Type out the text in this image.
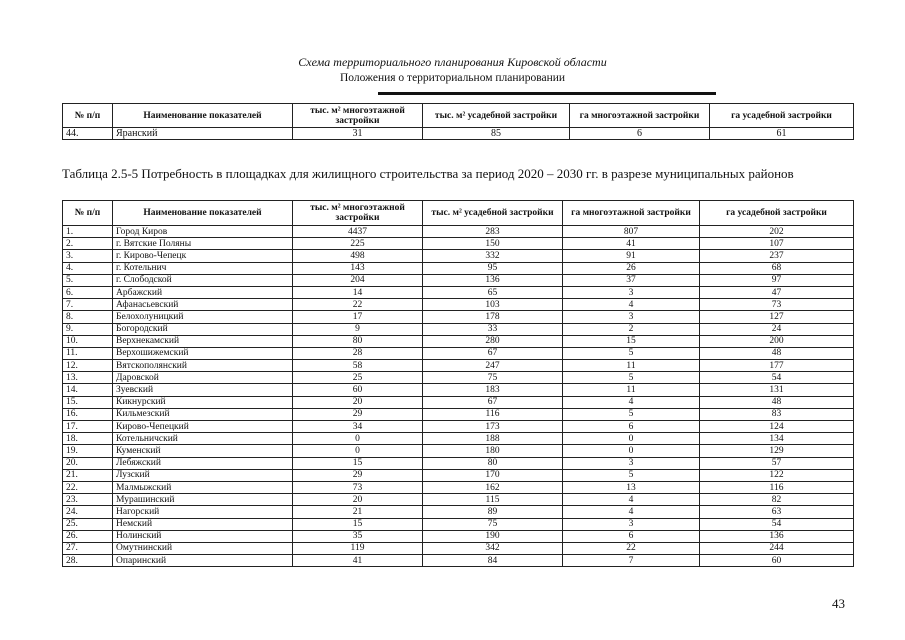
Схема территориального планирования Кировской области
Положения о территориальном планировании
№ п/п	Наименование показателей	тыс. м² многоэтажной застройки	тыс. м² усадебной застройки	га многоэтажной застройки	га усадебной застройки
44.	Яранский	31	85	6	61
Таблица 2.5-5 Потребность в площадках для жилищного строительства за период 2020 – 2030 гг. в разрезе муниципальных районов
№ п/п	Наименование показателей	тыс. м² многоэтажной застройки	тыс. м² усадебной застройки	га многоэтажной застройки	га усадебной застройки
1.	Город Киров	4437	283	807	202
2.	г. Вятские Поляны	225	150	41	107
3.	г. Кирово-Чепецк	498	332	91	237
4.	г. Котельнич	143	95	26	68
5.	г. Слободской	204	136	37	97
6.	Арбажский	14	65	3	47
7.	Афанасьевский	22	103	4	73
8.	Белохолуницкий	17	178	3	127
9.	Богородский	9	33	2	24
10.	Верхнекамский	80	280	15	200
11.	Верхошижемский	28	67	5	48
12.	Вятскополянский	58	247	11	177
13.	Даровской	25	75	5	54
14.	Зуевский	60	183	11	131
15.	Кикнурский	20	67	4	48
16.	Кильмезский	29	116	5	83
17.	Кирово-Чепецкий	34	173	6	124
18.	Котельничский	0	188	0	134
19.	Куменский	0	180	0	129
20.	Лебяжский	15	80	3	57
21.	Лузский	29	170	5	122
22.	Малмыжский	73	162	13	116
23.	Мурашинский	20	115	4	82
24.	Нагорский	21	89	4	63
25.	Немский	15	75	3	54
26.	Нолинский	35	190	6	136
27.	Омутнинский	119	342	22	244
28.	Опаринский	41	84	7	60
43
